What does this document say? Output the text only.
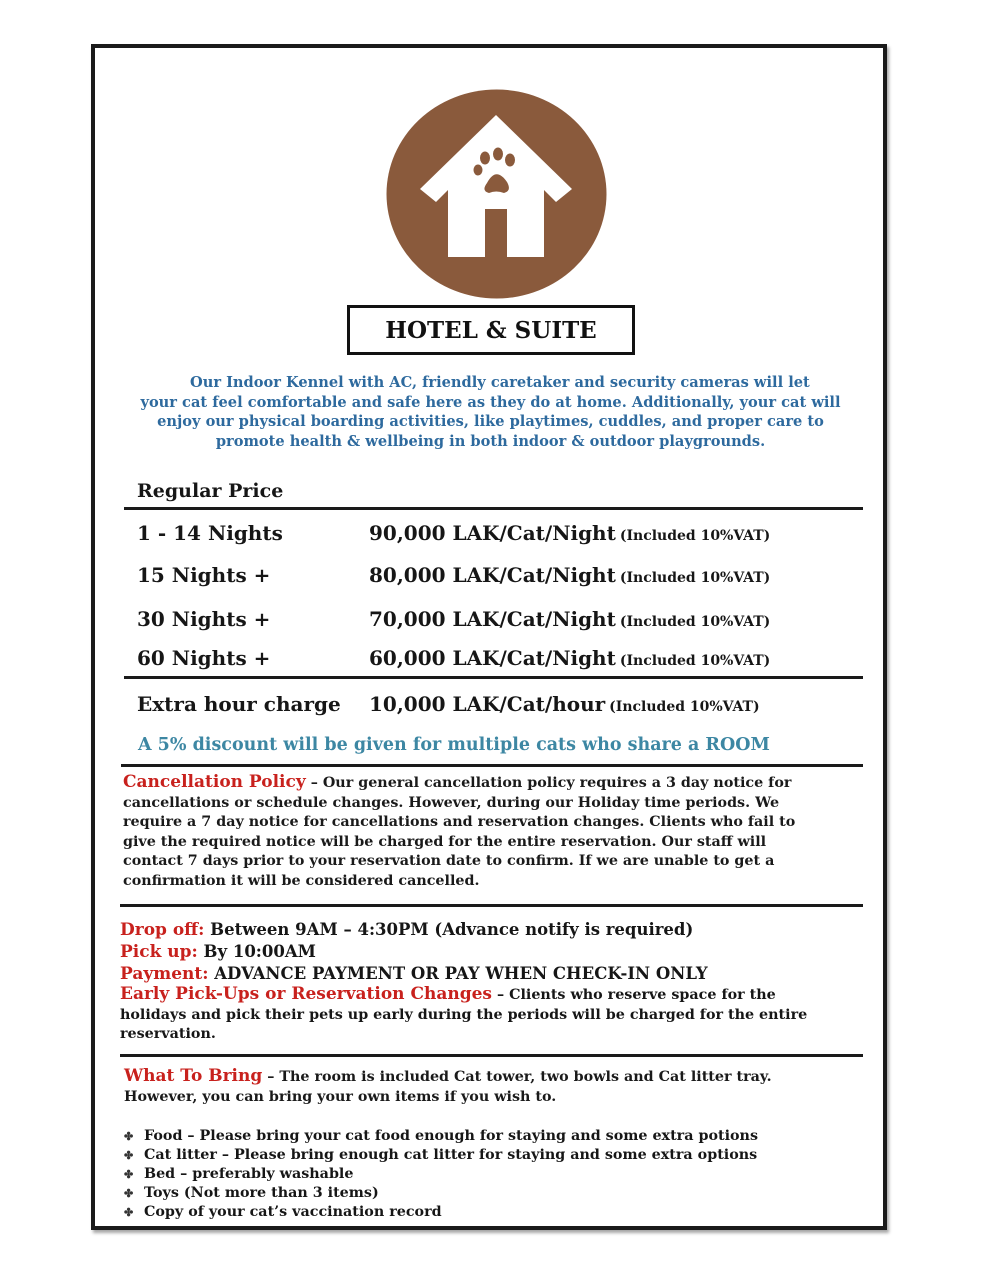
HOTEL & SUITE

Our Indoor Kennel with AC, friendly caretaker and security cameras will let

your cat feel comfortable and safe here as they do at home. Additionally, your cat will

enjoy our physical boarding activities, like playtimes, cuddles, and proper care to

promote health & wellbeing in both indoor & outdoor playgrounds.

Regular Price
1 - 14 Nights	90,000 LAK/Cat/Night (Included 10%VAT)
15 Nights +	80,000 LAK/Cat/Night (Included 10%VAT)
30 Nights +	70,000 LAK/Cat/Night (Included 10%VAT)
60 Nights +	60,000 LAK/Cat/Night (Included 10%VAT)
Extra hour charge 10,000 LAK/Cat/hour (Included 10%VAT)
A 5% discount will be given for multiple cats who share a ROOM
Cancellation Policy – Our general cancellation policy requires a 3 day notice for
cancellations or schedule changes. However, during our Holiday time periods. We
require a 7 day notice for cancellations and reservation changes. Clients who fail to
give the required notice will be charged for the entire reservation. Our staff will
contact 7 days prior to your reservation date to confirm. If we are unable to get a
confirmation it will be considered cancelled.
Drop off: Between 9AM – 4:30PM (Advance notify is required)
Pick up: By 10:00AM
Payment: ADVANCE PAYMENT OR PAY WHEN CHECK-IN ONLY
Early Pick-Ups or Reservation Changes – Clients who reserve space for the
holidays and pick their pets up early during the periods will be charged for the entire
reservation.
What To Bring – The room is included Cat tower, two bowls and Cat litter tray.
However, you can bring your own items if you wish to.
✤ Food – Please bring your cat food enough for staying and some extra potions
✤ Cat litter – Please bring enough cat litter for staying and some extra options
✤ Bed – preferably washable
✤ Toys (Not more than 3 items)
✤ Copy of your cat’s vaccination record
